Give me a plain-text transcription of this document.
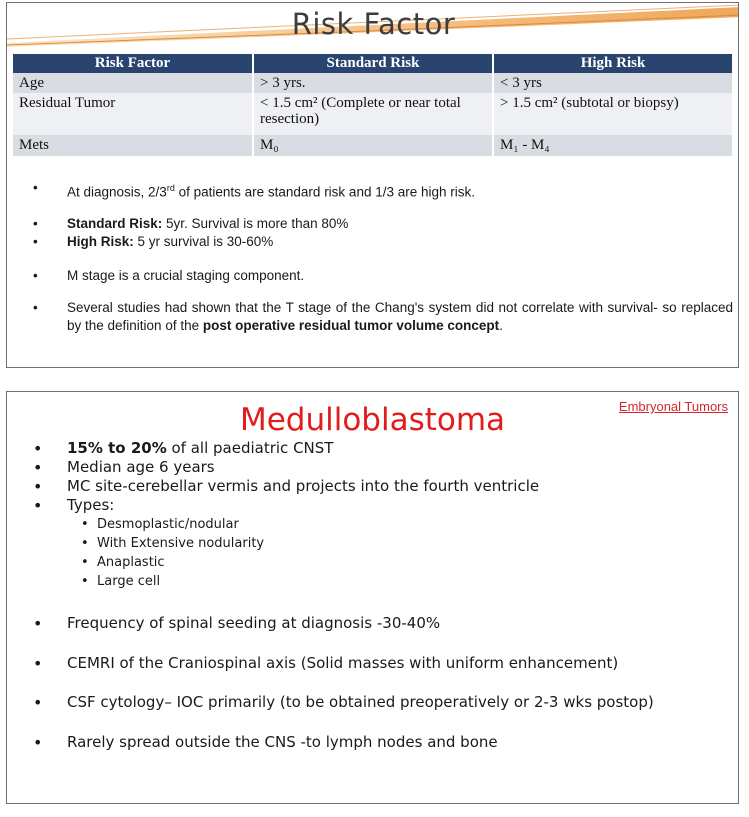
Risk Factor
Risk Factor	Standard Risk	High Risk
Age	> 3 yrs.	< 3 yrs
Residual Tumor	< 1.5 cm² (Complete or near total resection)	> 1.5 cm² (subtotal or biopsy)
Mets	M₀	M₁ - M₄
• At diagnosis, 2/3rd of patients are standard risk and 1/3 are high risk.
• Standard Risk: 5yr. Survival is more than 80%
• High Risk: 5 yr survival is 30-60%
• M stage is a crucial staging component.
• Several studies had shown that the T stage of the Chang's system did not correlate with survival- so replaced by the definition of the post operative residual tumor volume concept.
Embryonal Tumors
Medulloblastoma
• 15% to 20% of all paediatric CNST
• Median age 6 years
• MC site-cerebellar vermis and projects into the fourth ventricle
• Types:
• Desmoplastic/nodular
• With Extensive nodularity
• Anaplastic
• Large cell
• Frequency of spinal seeding at diagnosis -30-40%
• CEMRI of the Craniospinal axis (Solid masses with uniform enhancement)
• CSF cytology– IOC primarily (to be obtained preoperatively or 2-3 wks postop)
• Rarely spread outside the CNS -to lymph nodes and bone
